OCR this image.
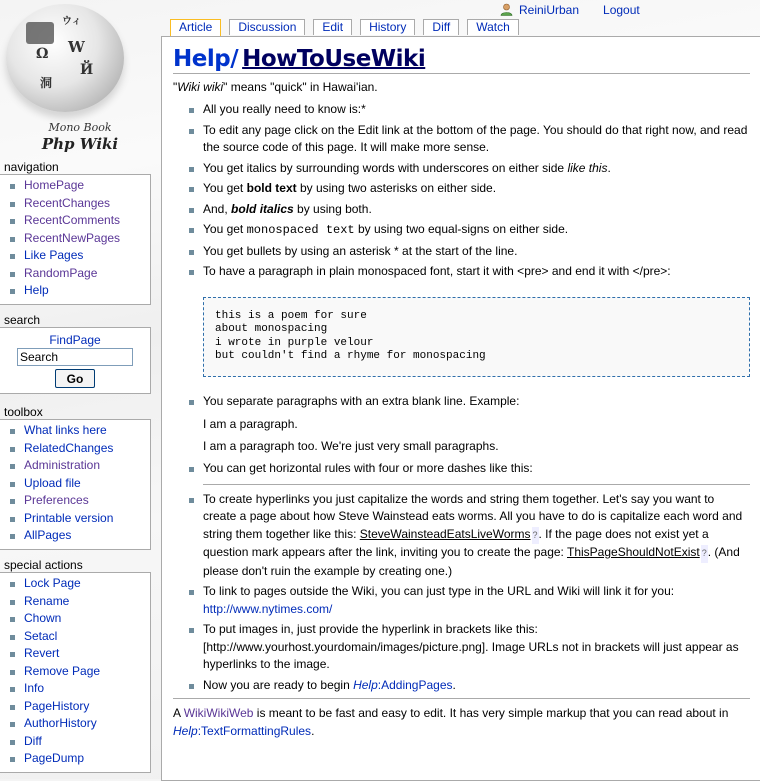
W
Ω
Й
洞
ウィ
Mono Book
Php Wiki
ReiniUrban Logout
Article	Discussion	Edit	History	Diff	Watch
Help/ HowToUseWiki

"Wiki wiki" means "quick" in Hawai'ian.

All you really need to know is:*
To edit any page click on the Edit link at the bottom of the page. You should do that right now, and read the source code of this page. It will make more sense.
You get italics by surrounding words with underscores on either side like this.
You get bold text by using two asterisks on either side.
And, bold italics by using both.
You get monospaced text by using two equal-signs on either side.
You get bullets by using an asterisk * at the start of the line.
To have a paragraph in plain monospaced font, start it with <pre> and end it with </pre>:
this is a poem for sure
about monospacing
i wrote in purple velour
but couldn't find a rhyme for monospacing
You separate paragraphs with an extra blank line. Example:

I am a paragraph.

I am a paragraph too. We're just very small paragraphs.

You can get horizontal rules with four or more dashes like this:
To create hyperlinks you just capitalize the words and string them together. Let's say you want to create a page about how Steve Wainstead eats worms. All you have to do is capitalize each word and string them together like this: SteveWainsteadEatsLiveWorms ?. If the page does not exist yet a question mark appears after the link, inviting you to create the page: ThisPageShouldNotExist ?. (And please don't ruin the example by creating one.)
To link to pages outside the Wiki, you can just type in the URL and Wiki will link it for you:
http://www.nytimes.com/
To put images in, just provide the hyperlink in brackets like this: [http://www.yourhost.yourdomain/images/picture.png]. Image URLs not in brackets will just appear as hyperlinks to the image.
Now you are ready to begin Help:AddingPages.

A WikiWikiWeb is meant to be fast and easy to edit. It has very simple markup that you can read about in Help:TextFormattingRules.

navigation
HomePage
RecentChanges
RecentComments
RecentNewPages
Like Pages
RandomPage
Help
search
FindPage
Search
Go
toolbox
What links here
RelatedChanges
Administration
Upload file
Preferences
Printable version
AllPages
special actions
Lock Page
Rename
Chown
Setacl
Revert
Remove Page
Info
PageHistory
AuthorHistory
Diff
PageDump
